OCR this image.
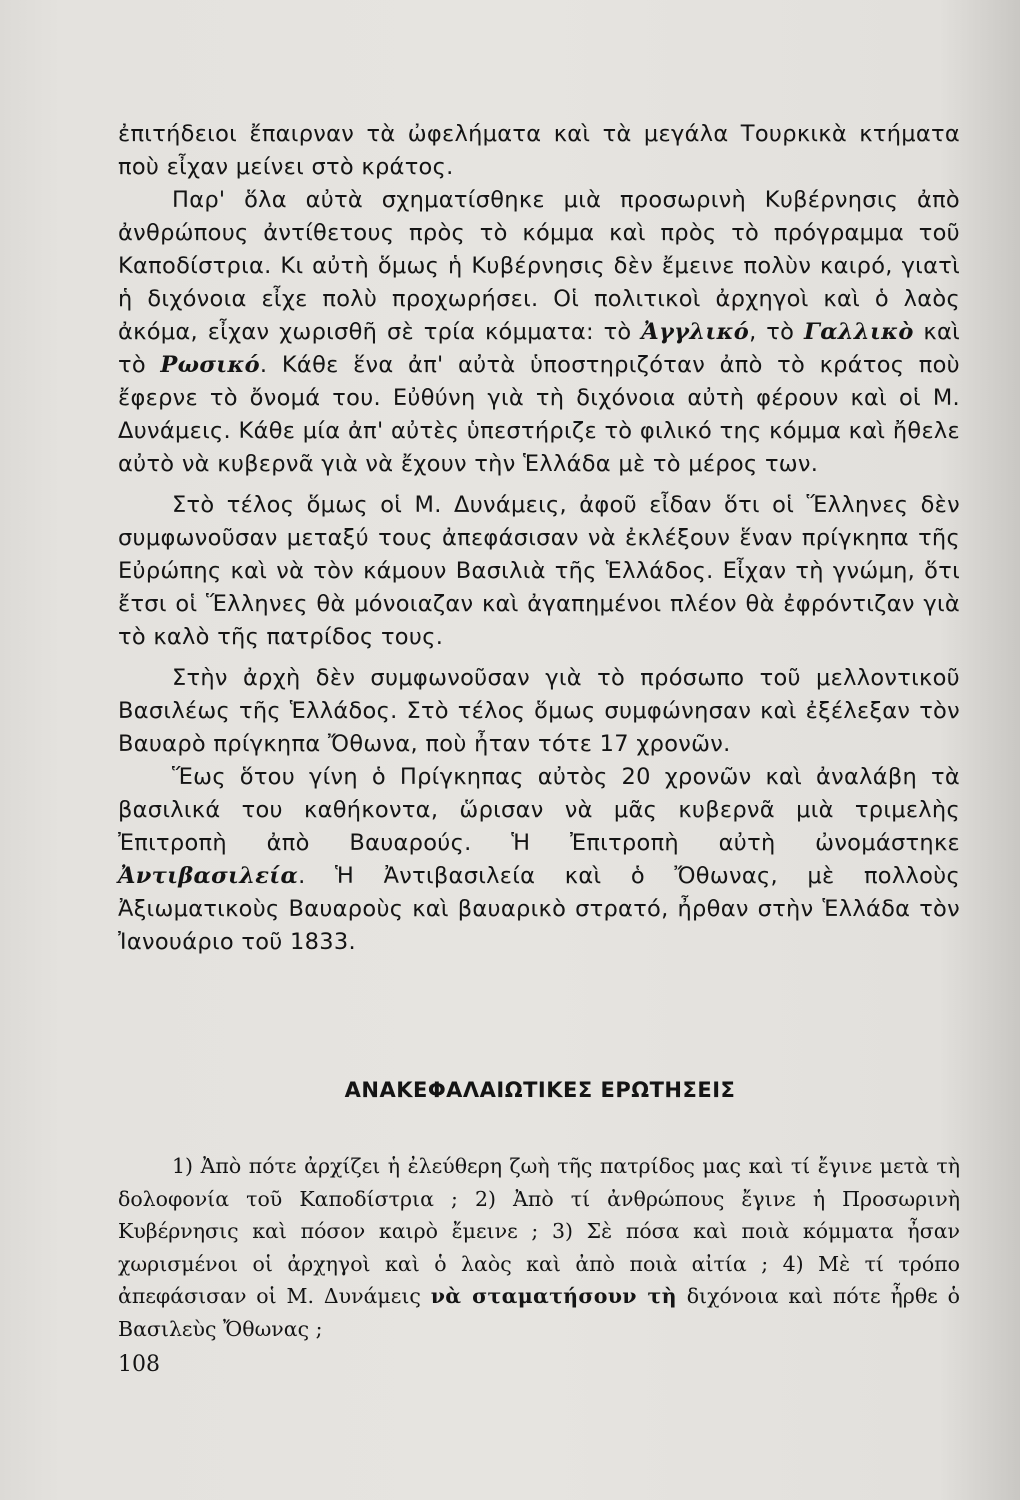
ἐπιτήδειοι ἔπαιρναν τὰ ὠφελήματα καὶ τὰ μεγάλα Τουρκικὰ κτήματα ποὺ εἶχαν μείνει στὸ κράτος.

Παρ' ὅλα αὐτὰ σχηματίσθηκε μιὰ προσωρινὴ Κυβέρνησις ἀπὸ ἀνθρώπους ἀντίθετους πρὸς τὸ κόμμα καὶ πρὸς τὸ πρόγραμμα τοῦ Καποδίστρια. Κι αὐτὴ ὅμως ἡ Κυβέρνησις δὲν ἔμεινε πολὺν καιρό, γιατὶ ἡ διχόνοια εἶχε πολὺ προχωρήσει. Οἱ πολιτικοὶ ἀρχηγοὶ καὶ ὁ λαὸς ἀκόμα, εἶχαν χωρισθῆ σὲ τρία κόμματα: τὸ Ἀγγλικό, τὸ Γαλλικὸ καὶ τὸ Ρωσικό. Κάθε ἕνα ἀπ' αὐτὰ ὑποστηριζόταν ἀπὸ τὸ κράτος ποὺ ἔφερνε τὸ ὄνομά του. Εὐθύνη γιὰ τὴ διχόνοια αὐτὴ φέρουν καὶ οἱ Μ. Δυνάμεις. Κάθε μία ἀπ' αὐτὲς ὑπεστήριζε τὸ φιλικό της κόμμα καὶ ἤθελε αὐτὸ νὰ κυβερνᾶ γιὰ νὰ ἔχουν τὴν Ἑλλάδα μὲ τὸ μέρος των.

Στὸ τέλος ὅμως οἱ Μ. Δυνάμεις, ἀφοῦ εἶδαν ὅτι οἱ Ἕλληνες δὲν συμφωνοῦσαν μεταξύ τους ἀπεφάσισαν νὰ ἐκλέξουν ἕναν πρίγκηπα τῆς Εὐρώπης καὶ νὰ τὸν κάμουν Βασιλιὰ τῆς Ἑλλάδος. Εἶχαν τὴ γνώμη, ὅτι ἔτσι οἱ Ἕλληνες θὰ μόνοιαζαν καὶ ἀγαπημένοι πλέον θὰ ἐφρόντιζαν γιὰ τὸ καλὸ τῆς πατρίδος τους.

Στὴν ἀρχὴ δὲν συμφωνοῦσαν γιὰ τὸ πρόσωπο τοῦ μελλοντικοῦ Βασιλέως τῆς Ἑλλάδος. Στὸ τέλος ὅμως συμφώνησαν καὶ ἐξέλεξαν τὸν Βαυαρὸ πρίγκηπα Ὄθωνα, ποὺ ἦταν τότε 17 χρονῶν.

Ἕως ὅτου γίνη ὁ Πρίγκηπας αὐτὸς 20 χρονῶν καὶ ἀναλάβη τὰ βασιλικά του καθήκοντα, ὥρισαν νὰ μᾶς κυβερνᾶ μιὰ τριμελὴς Ἐπιτροπὴ ἀπὸ Βαυαρούς. Ἡ Ἐπιτροπὴ αὐτὴ ὠνομάστηκε Ἀντιβασιλεία. Ἡ Ἀντιβασιλεία καὶ ὁ Ὄθωνας, μὲ πολλοὺς Ἀξιωματικοὺς Βαυαροὺς καὶ βαυαρικὸ στρατό, ἦρθαν στὴν Ἑλλάδα τὸν Ἰανουάριο τοῦ 1833.

ΑΝΑΚΕΦΑΛΑΙΩΤΙΚΕΣ ΕΡΩΤΗΣΕΙΣ
1) Ἀπὸ πότε ἀρχίζει ἡ ἐλεύθερη ζωὴ τῆς πατρίδος μας καὶ τί ἔγινε μετὰ τὴ δολοφονία τοῦ Καποδίστρια ; 2) Ἀπὸ τί ἀνθρώπους ἔγινε ἡ Προσωρινὴ Κυβέρνησις καὶ πόσον καιρὸ ἔμεινε ; 3) Σὲ πόσα καὶ ποιὰ κόμματα ἦσαν χωρισμένοι οἱ ἀρχηγοὶ καὶ ὁ λαὸς καὶ ἀπὸ ποιὰ αἰτία ; 4) Μὲ τί τρόπο ἀπεφάσισαν οἱ Μ. Δυνάμεις νὰ σταματήσουν τὴ διχόνοια καὶ πότε ἦρθε ὁ Βασιλεὺς Ὄθωνας ;
108
